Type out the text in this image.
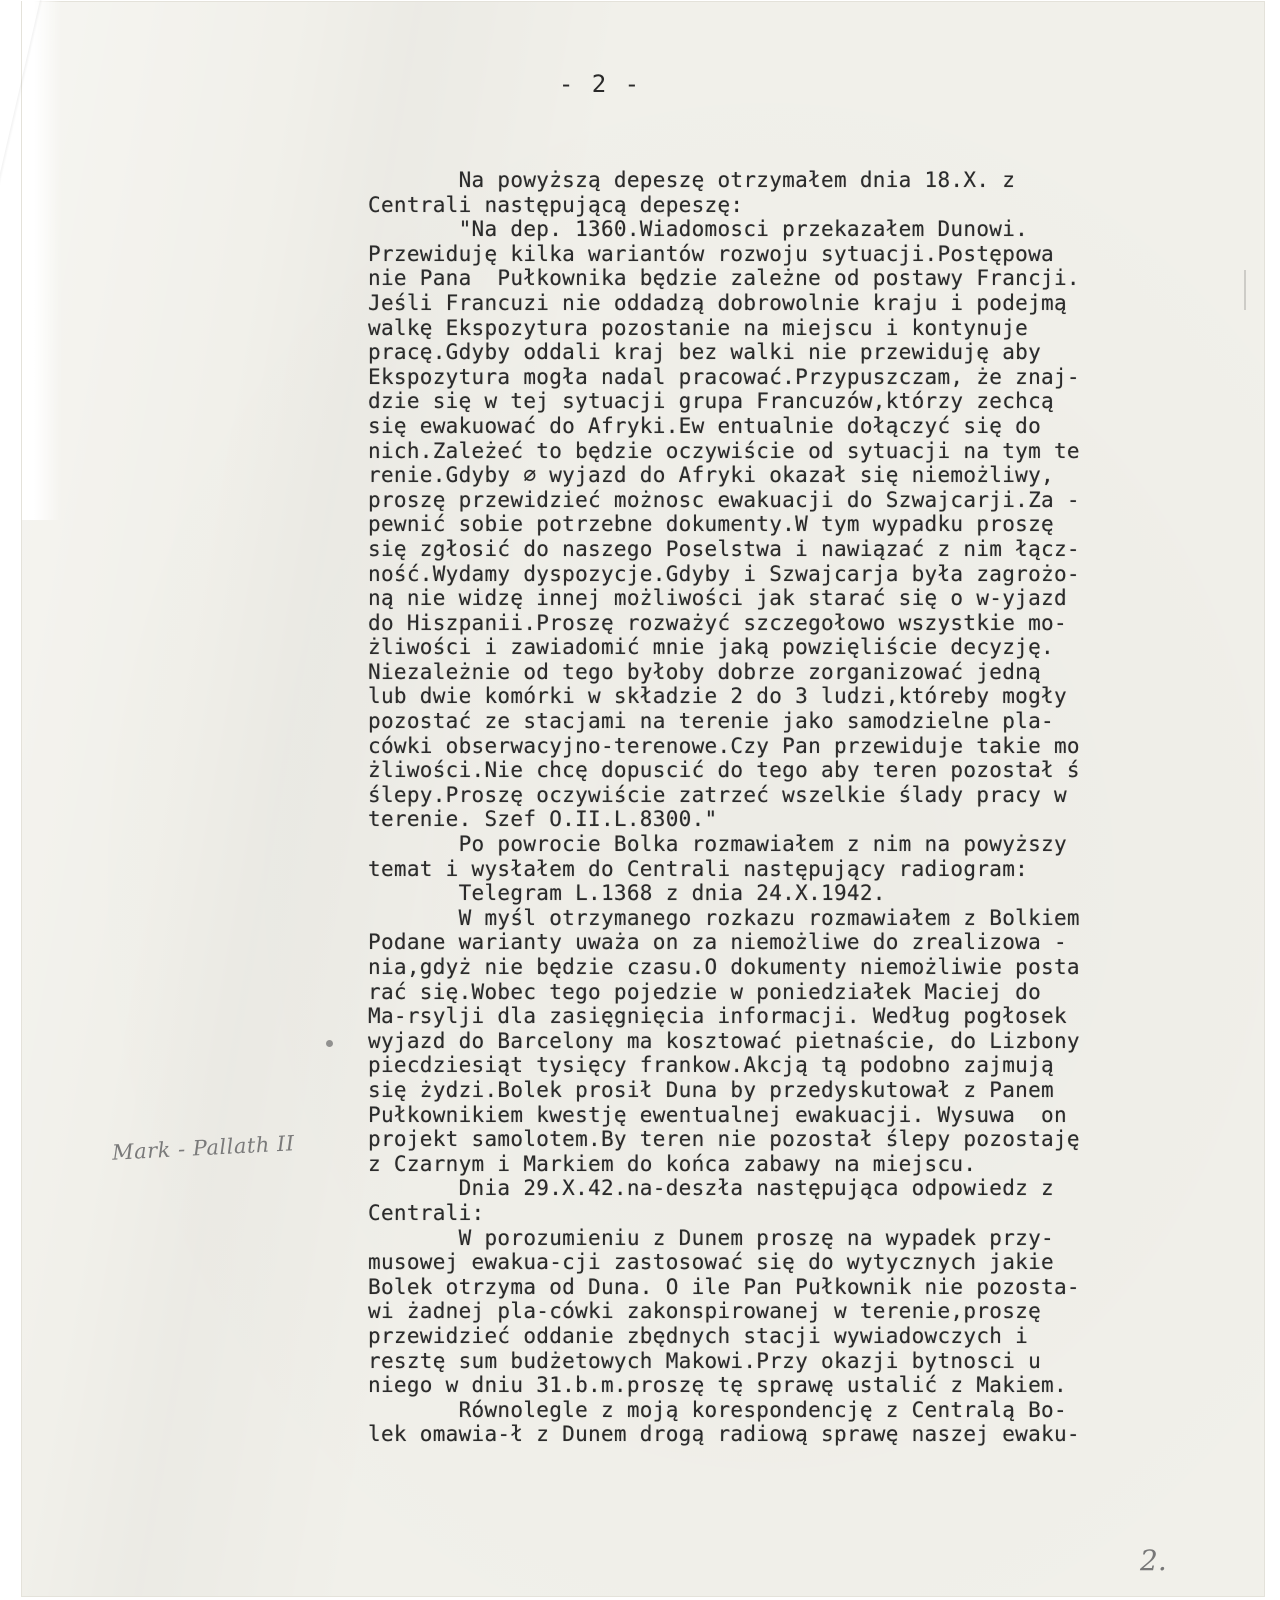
- 2 -
Na powyższą depeszę otrzymałem dnia 18.X. z
Centrali następującą depeszę:
"Na dep. 1360.Wiadomosci przekazałem Dunowi.
Przewiduję kilka wariantów rozwoju sytuacji.Postępowa
nie Pana  Pułkownika będzie zależne od postawy Francji.
Jeśli Francuzi nie oddadzą dobrowolnie kraju i podejmą
walkę Ekspozytura pozostanie na miejscu i kontynuje
pracę.Gdyby oddali kraj bez walki nie przewiduję aby
Ekspozytura mogła nadal pracować.Przypuszczam, że znaj-
dzie się w tej sytuacji grupa Francuzów,którzy zechcą
się ewakuować do Afryki.Ew entualnie dołączyć się do
nich.Zależeć to będzie oczywiście od sytuacji na tym te
renie.Gdyby ∅ wyjazd do Afryki okazał się niemożliwy,
proszę przewidzieć możnosc ewakuacji do Szwajcarji.Za -
pewnić sobie potrzebne dokumenty.W tym wypadku proszę
się zgłosić do naszego Poselstwa i nawiązać z nim łącz-
ność.Wydamy dyspozycje.Gdyby i Szwajcarja była zagrożo-
ną nie widzę innej możliwości jak starać się o w-yjazd
do Hiszpanii.Proszę rozważyć szczegołowo wszystkie mo-
żliwości i zawiadomić mnie jaką powzięliście decyzję.
Niezależnie od tego byłoby dobrze zorganizować jedną
lub dwie komórki w składzie 2 do 3 ludzi,któreby mogły
pozostać ze stacjami na terenie jako samodzielne pla-
cówki obserwacyjno-terenowe.Czy Pan przewiduje takie mo
żliwości.Nie chcę dopuscić do tego aby teren pozostał ś
ślepy.Proszę oczywiście zatrzeć wszelkie ślady pracy w
terenie. Szef O.II.L.8300."
Po powrocie Bolka rozmawiałem z nim na powyższy
temat i wysłałem do Centrali następujący radiogram:
Telegram L.1368 z dnia 24.X.1942.
W myśl otrzymanego rozkazu rozmawiałem z Bolkiem
Podane warianty uważa on za niemożliwe do zrealizowa -
nia,gdyż nie będzie czasu.O dokumenty niemożliwie posta
rać się.Wobec tego pojedzie w poniedziałek Maciej do
Ma-rsylji dla zasięgnięcia informacji. Według pogłosek
wyjazd do Barcelony ma kosztować pietnaście, do Lizbony
piecdziesiąt tysięcy frankow.Akcją tą podobno zajmują
się żydzi.Bolek prosił Duna by przedyskutował z Panem
Pułkownikiem kwestję ewentualnej ewakuacji. Wysuwa  on
projekt samolotem.By teren nie pozostał ślepy pozostaję
z Czarnym i Markiem do końca zabawy na miejscu.
Dnia 29.X.42.na-deszła następująca odpowiedz z
Centrali:
W porozumieniu z Dunem proszę na wypadek przy-
musowej ewakua-cji zastosować się do wytycznych jakie
Bolek otrzyma od Duna. O ile Pan Pułkownik nie pozosta-
wi żadnej pla-cówki zakonspirowanej w terenie,proszę
przewidzieć oddanie zbędnych stacji wywiadowczych i
resztę sum budżetowych Makowi.Przy okazji bytnosci u
niego w dniu 31.b.m.proszę tę sprawę ustalić z Makiem.
Równolegle z moją korespondencję z Centralą Bo-
lek omawia-ł z Dunem drogą radiową sprawę naszej ewaku-

Mark - Pallath II
2.
